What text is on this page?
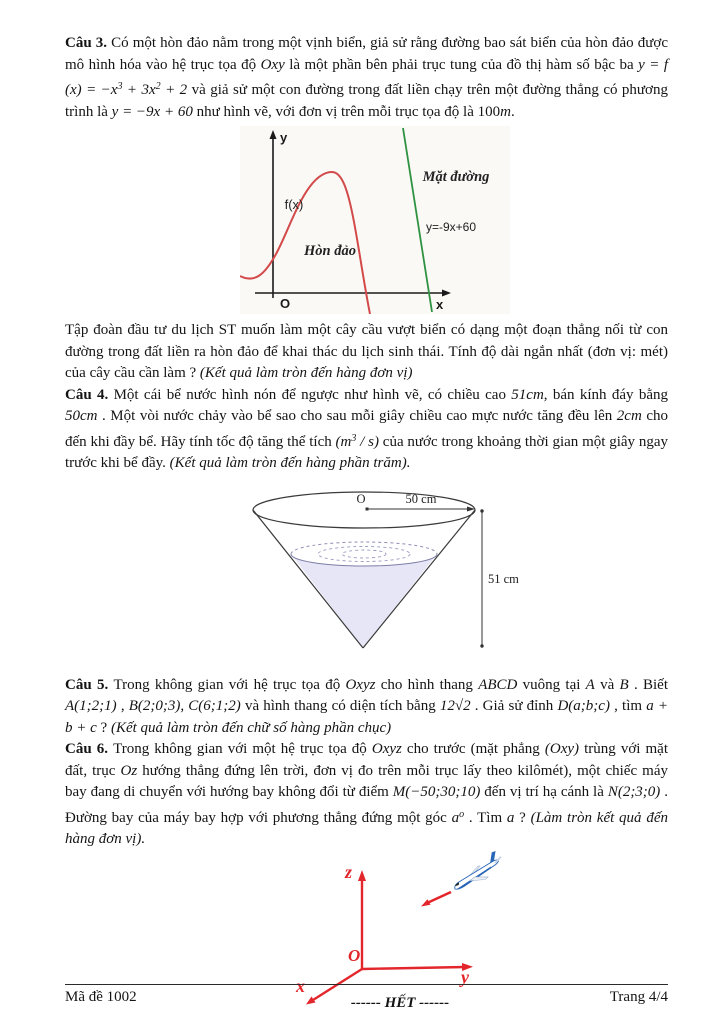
Câu 3. Có một hòn đảo nằm trong một vịnh biển, giả sử rằng đường bao sát biển của hòn đảo được mô hình hóa vào hệ trục tọa độ Oxy là một phần bên phải trục tung của đồ thị hàm số bậc ba y = f $(x) = -x^3 + 3x^2 + 2$ và giả sử một con đường trong đất liền chạy trên một đường thẳng có phương trình là y = −9x + 60 như hình vẽ, với đơn vị trên mỗi trục tọa độ là 100m.

y
x
O
f(x)
Hòn đảo
Mặt đường
y=-9x+60

Tập đoàn đầu tư du lịch ST muốn làm một cây cầu vượt biển có dạng một đoạn thẳng nối từ con đường trong đất liền ra hòn đảo để khai thác du lịch sinh thái. Tính độ dài ngắn nhất (đơn vị: mét) của cây cầu cần làm ? (Kết quả làm tròn đến hàng đơn vị)

Câu 4. Một cái bể nước hình nón để ngược như hình vẽ, có chiều cao 51cm, bán kính đáy bằng 50cm . Một vòi nước chảy vào bể sao cho sau mỗi giây chiều cao mực nước tăng đều lên 2cm cho đến khi đầy bể. Hãy tính tốc độ tăng thể tích $(m^3 / s)$ của nước trong khoảng thời gian một giây ngay trước khi bể đầy. (Kết quả làm tròn đến hàng phần trăm).

O	50 cm
51 cm

Câu 5. Trong không gian với hệ trục tọa độ Oxyz cho hình thang ABCD vuông tại A và B . Biết A(1;2;1) , B(2;0;3), C(6;1;2) và hình thang có diện tích bằng 12√2 . Giả sử đỉnh D(a;b;c) , tìm a + b + c ? (Kết quả làm tròn đến chữ số hàng phần chục)

Câu 6. Trong không gian với một hệ trục tọa độ Oxyz cho trước (mặt phẳng (Oxy) trùng với mặt đất, trục Oz hướng thẳng đứng lên trời, đơn vị đo trên mỗi trục lấy theo kilômét), một chiếc máy bay đang di chuyển với hướng bay không đổi từ điểm M(−50;30;10) đến vị trí hạ cánh là N(2;3;0) . Đường bay của máy bay hợp với phương thẳng đứng một góc $a^o$ . Tìm a ? (Làm tròn kết quả đến hàng đơn vị).

z
O
y
x
------ HẾT ------
Mã đề 1002	Trang 4/4
